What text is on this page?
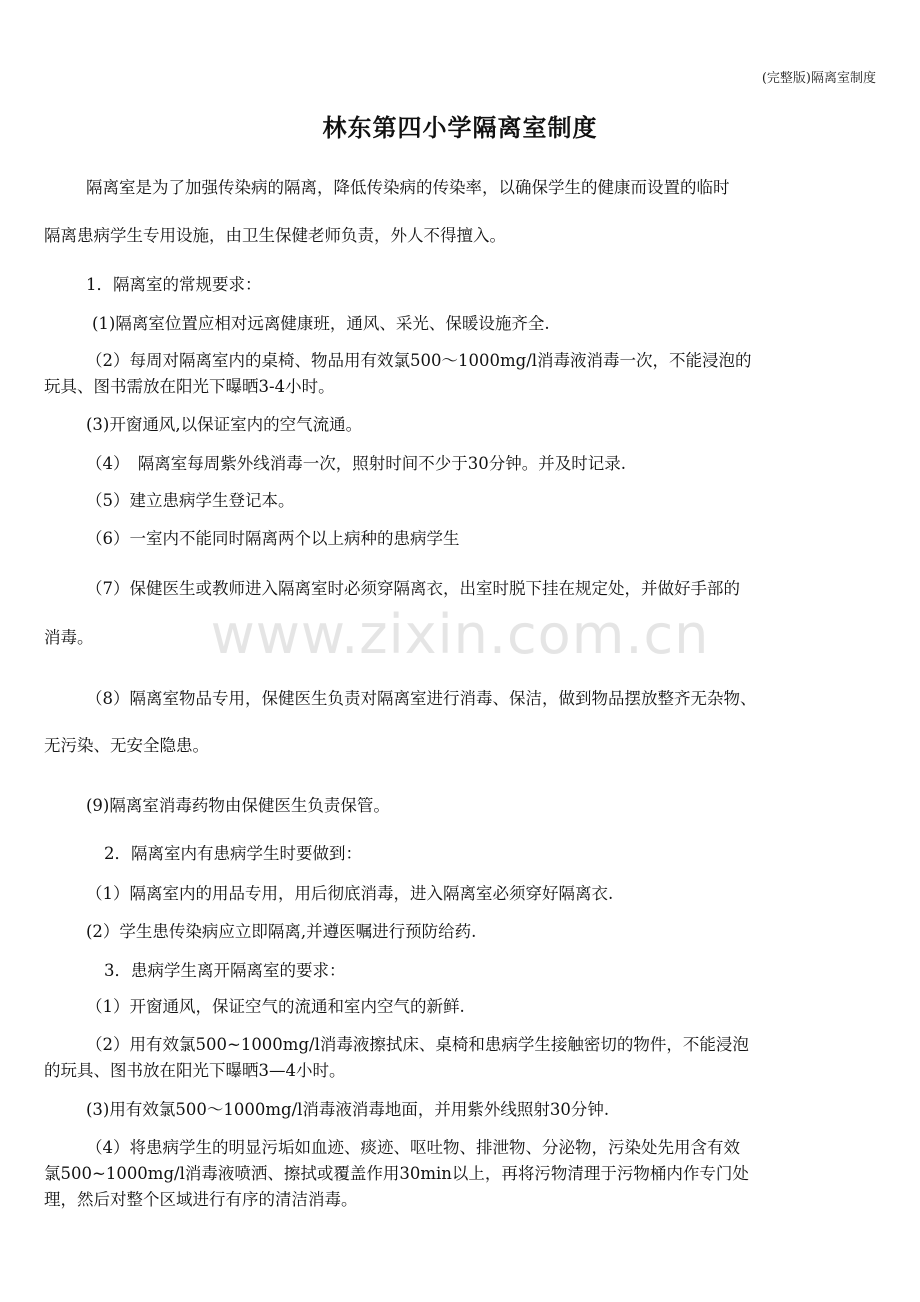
(完整版)隔离室制度
林东第四小学隔离室制度
隔离室是为了加强传染病的隔离，降低传染病的传染率，以确保学生的健康而设置的临时
隔离患病学生专用设施，由卫生保健老师负责，外人不得擅入。
1．隔离室的常规要求：
(1)隔离室位置应相对远离健康班，通风、采光、保暖设施齐全.
（2）每周对隔离室内的桌椅、物品用有效氯500～1000mg/l消毒液消毒一次，不能浸泡的
玩具、图书需放在阳光下曝晒3-4小时。
(3)开窗通风,以保证室内的空气流通。
（4）　隔离室每周紫外线消毒一次，照射时间不少于30分钟。并及时记录.
（5）建立患病学生登记本。
（6）一室内不能同时隔离两个以上病种的患病学生
（7）保健医生或教师进入隔离室时必须穿隔离衣，出室时脱下挂在规定处，并做好手部的
消毒。
（8）隔离室物品专用，保健医生负责对隔离室进行消毒、保洁，做到物品摆放整齐无杂物、
无污染、无安全隐患。
(9)隔离室消毒药物由保健医生负责保管。
2．隔离室内有患病学生时要做到：
（1）隔离室内的用品专用，用后彻底消毒，进入隔离室必须穿好隔离衣.
(2）学生患传染病应立即隔离,并遵医嘱进行预防给药.
3．患病学生离开隔离室的要求：
（1）开窗通风，保证空气的流通和室内空气的新鲜.
（2）用有效氯500~1000mg/l消毒液擦拭床、桌椅和患病学生接触密切的物件，不能浸泡
的玩具、图书放在阳光下曝晒3—4小时。
(3)用有效氯500～1000mg/l消毒液消毒地面，并用紫外线照射30分钟.
（4）将患病学生的明显污垢如血迹、痰迹、呕吐物、排泄物、分泌物，污染处先用含有效
氯500~1000mg/l消毒液喷洒、擦拭或覆盖作用30min以上，再将污物清理于污物桶内作专门处
理，然后对整个区域进行有序的清洁消毒。
www.zixin.com.cn
